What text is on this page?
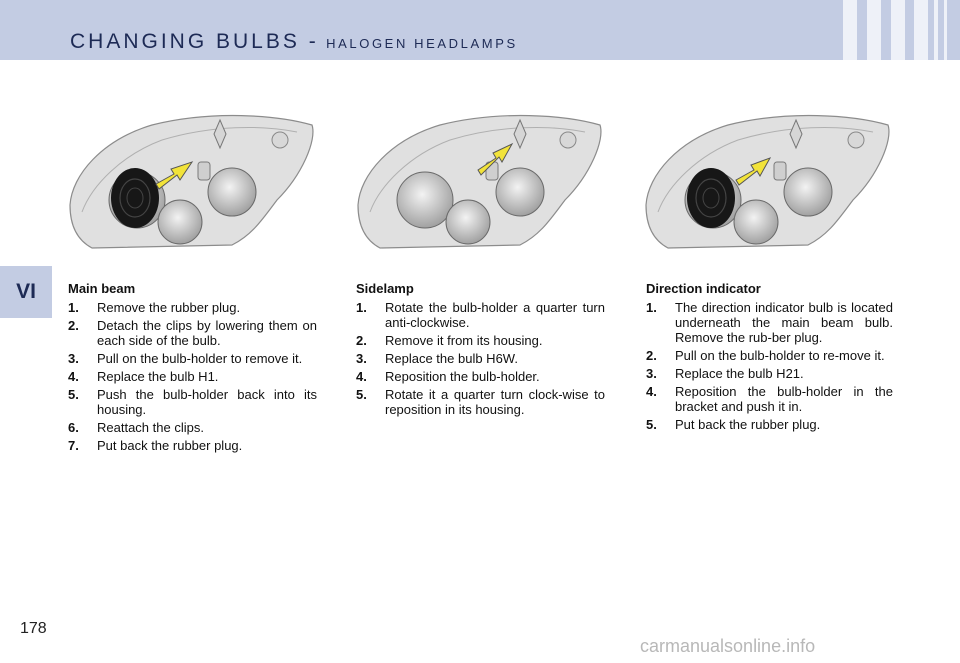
CHANGING BULBS - HALOGEN HEADLAMPS
VI	Main beam
1.	Remove the rubber plug.
2.	Detach the clips by lowering them on each side of the bulb.
3.	Pull on the bulb-holder to remove it.
4.	Replace the bulb H1.
5.	Push the bulb-holder back into its housing.
6.	Reattach the clips.
7.	Put back the rubber plug.
Sidelamp
1.	Rotate the bulb-holder a quarter turn anti-clockwise.
2.	Remove it from its housing.
3.	Replace the bulb H6W.
4.	Reposition the bulb-holder.
5.	Rotate it a quarter turn clock-wise to reposition in its housing.
Direction indicator
1.	The direction indicator bulb is located underneath the main beam bulb. Remove the rub-ber plug.
2.	Pull on the bulb-holder to re-move it.
3.	Replace the bulb H21.
4.	Reposition the bulb-holder in the bracket and push it in.
5.	Put back the rubber plug.
178
carmanualsonline.info
